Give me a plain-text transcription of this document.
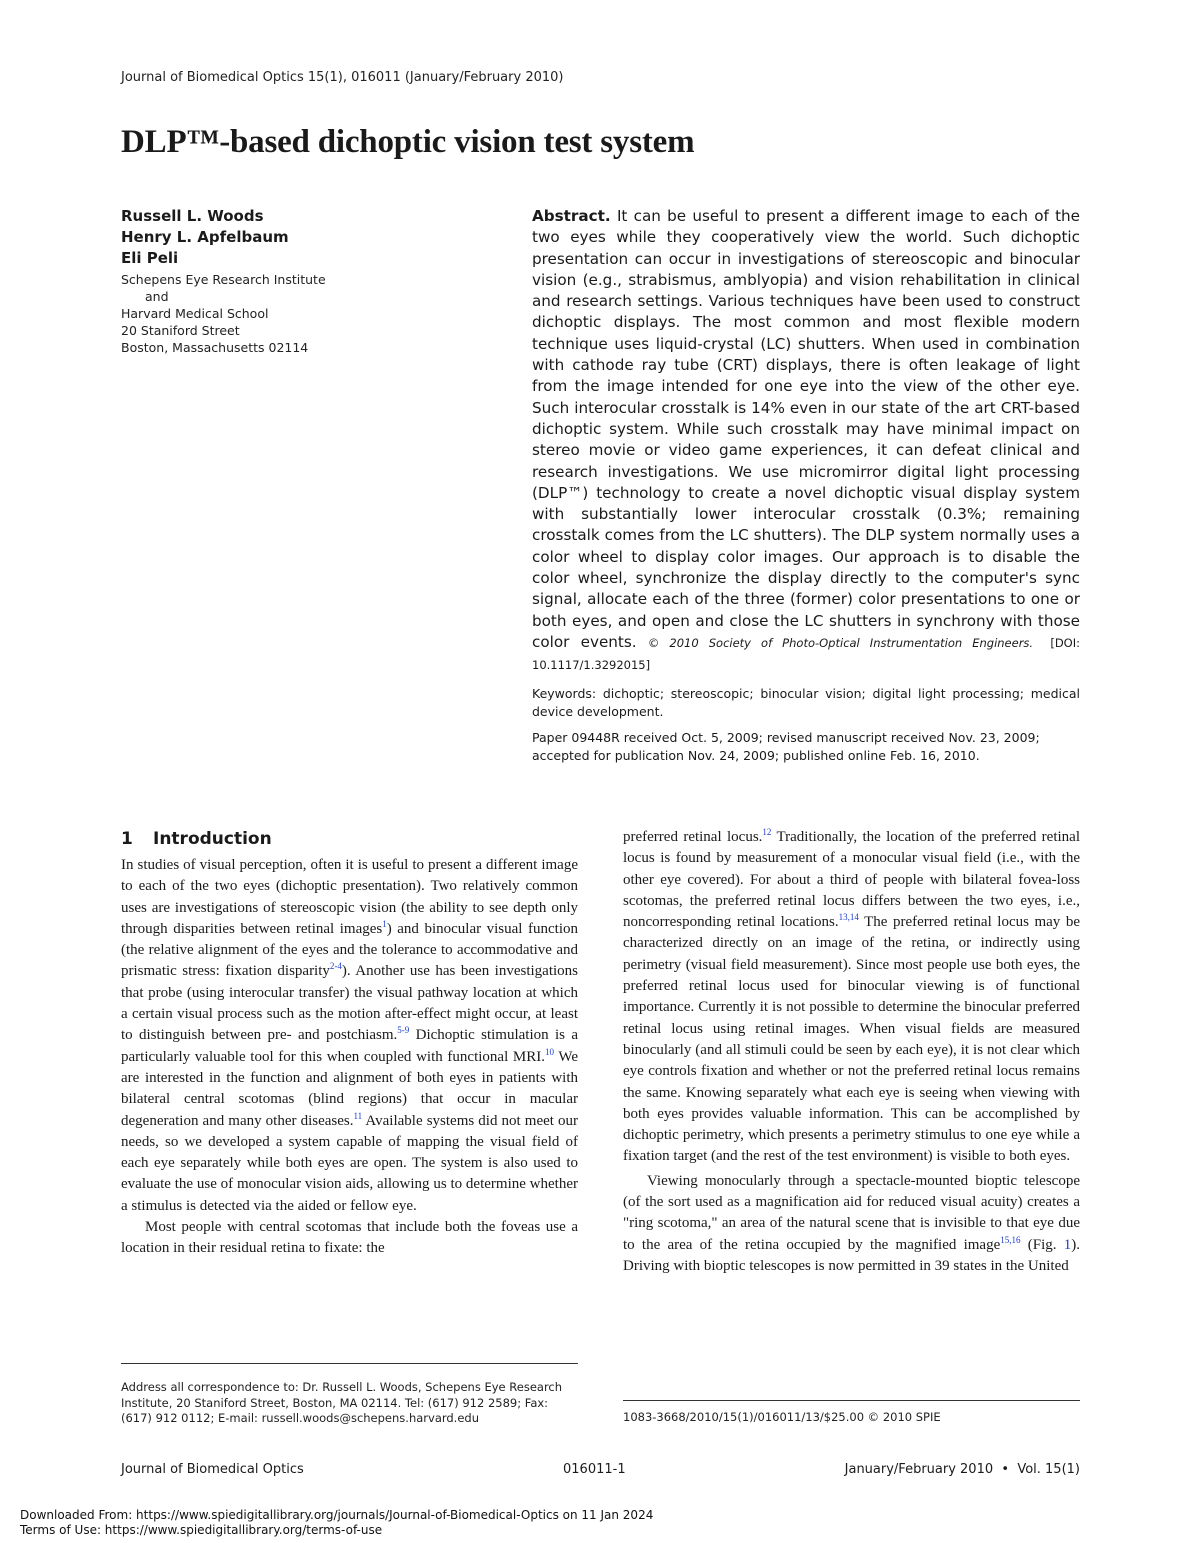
Journal of Biomedical Optics 15(1), 016011 (January/February 2010)
DLP™-based dichoptic vision test system
Russell L. Woods
Henry L. Apfelbaum
Eli Peli
Schepens Eye Research Institute
and
Harvard Medical School
20 Staniford Street
Boston, Massachusetts 02114
Abstract. It can be useful to present a different image to each of the two eyes while they cooperatively view the world. Such dichoptic presentation can occur in investigations of stereoscopic and binocular vision (e.g., strabismus, amblyopia) and vision rehabilitation in clinical and research settings. Various techniques have been used to construct dichoptic displays. The most common and most flexible modern technique uses liquid-crystal (LC) shutters. When used in combination with cathode ray tube (CRT) displays, there is often leakage of light from the image intended for one eye into the view of the other eye. Such interocular crosstalk is 14% even in our state of the art CRT-based dichoptic system. While such crosstalk may have minimal impact on stereo movie or video game experiences, it can defeat clinical and research investigations. We use micromirror digital light processing (DLP™) technology to create a novel dichoptic visual display system with substantially lower interocular crosstalk (0.3%; remaining crosstalk comes from the LC shutters). The DLP system normally uses a color wheel to display color images. Our approach is to disable the color wheel, synchronize the display directly to the computer's sync signal, allocate each of the three (former) color presentations to one or both eyes, and open and close the LC shutters in synchrony with those color events. © 2010 Society of Photo-Optical Instrumentation Engineers. [DOI: 10.1117/1.3292015]
Keywords: dichoptic; stereoscopic; binocular vision; digital light processing; medical device development.
Paper 09448R received Oct. 5, 2009; revised manuscript received Nov. 23, 2009; accepted for publication Nov. 24, 2009; published online Feb. 16, 2010.
1 Introduction

In studies of visual perception, often it is useful to present a different image to each of the two eyes (dichoptic presentation). Two relatively common uses are investigations of stereoscopic vision (the ability to see depth only through disparities between retinal images$^1$) and binocular visual function (the relative alignment of the eyes and the tolerance to accommodative and prismatic stress: fixation disparity$^{2-4}$). Another use has been investigations that probe (using interocular transfer) the visual pathway location at which a certain visual process such as the motion after-effect might occur, at least to distinguish between pre- and postchiasm.$^{5-9}$ Dichoptic stimulation is a particularly valuable tool for this when coupled with functional MRI.$^{10}$ We are interested in the function and alignment of both eyes in patients with bilateral central scotomas (blind regions) that occur in macular degeneration and many other diseases.$^{11}$ Available systems did not meet our needs, so we developed a system capable of mapping the visual field of each eye separately while both eyes are open. The system is also used to evaluate the use of monocular vision aids, allowing us to determine whether a stimulus is detected via the aided or fellow eye.

Most people with central scotomas that include both the foveas use a location in their residual retina to fixate: the

preferred retinal locus.$^{12}$ Traditionally, the location of the preferred retinal locus is found by measurement of a monocular visual field (i.e., with the other eye covered). For about a third of people with bilateral fovea-loss scotomas, the preferred retinal locus differs between the two eyes, i.e., noncorresponding retinal locations.$^{13,14}$ The preferred retinal locus may be characterized directly on an image of the retina, or indirectly using perimetry (visual field measurement). Since most people use both eyes, the preferred retinal locus used for binocular viewing is of functional importance. Currently it is not possible to determine the binocular preferred retinal locus using retinal images. When visual fields are measured binocularly (and all stimuli could be seen by each eye), it is not clear which eye controls fixation and whether or not the preferred retinal locus remains the same. Knowing separately what each eye is seeing when viewing with both eyes provides valuable information. This can be accomplished by dichoptic perimetry, which presents a perimetry stimulus to one eye while a fixation target (and the rest of the test environment) is visible to both eyes.

Viewing monocularly through a spectacle-mounted bioptic telescope (of the sort used as a magnification aid for reduced visual acuity) creates a "ring scotoma," an area of the natural scene that is invisible to that eye due to the area of the retina occupied by the magnified image$^{15,16}$ (Fig. 1). Driving with bioptic telescopes is now permitted in 39 states in the United

Address all correspondence to: Dr. Russell L. Woods, Schepens Eye Research Institute, 20 Staniford Street, Boston, MA 02114. Tel: (617) 912 2589; Fax: (617) 912 0112; E-mail: russell.woods@schepens.harvard.edu	1083-3668/2010/15(1)/016011/13/$25.00 © 2010 SPIE
Journal of Biomedical Optics	016011-1	January/February 2010  •  Vol. 15(1)
Downloaded From: https://www.spiedigitallibrary.org/journals/Journal-of-Biomedical-Optics on 11 Jan 2024
Terms of Use: https://www.spiedigitallibrary.org/terms-of-use
